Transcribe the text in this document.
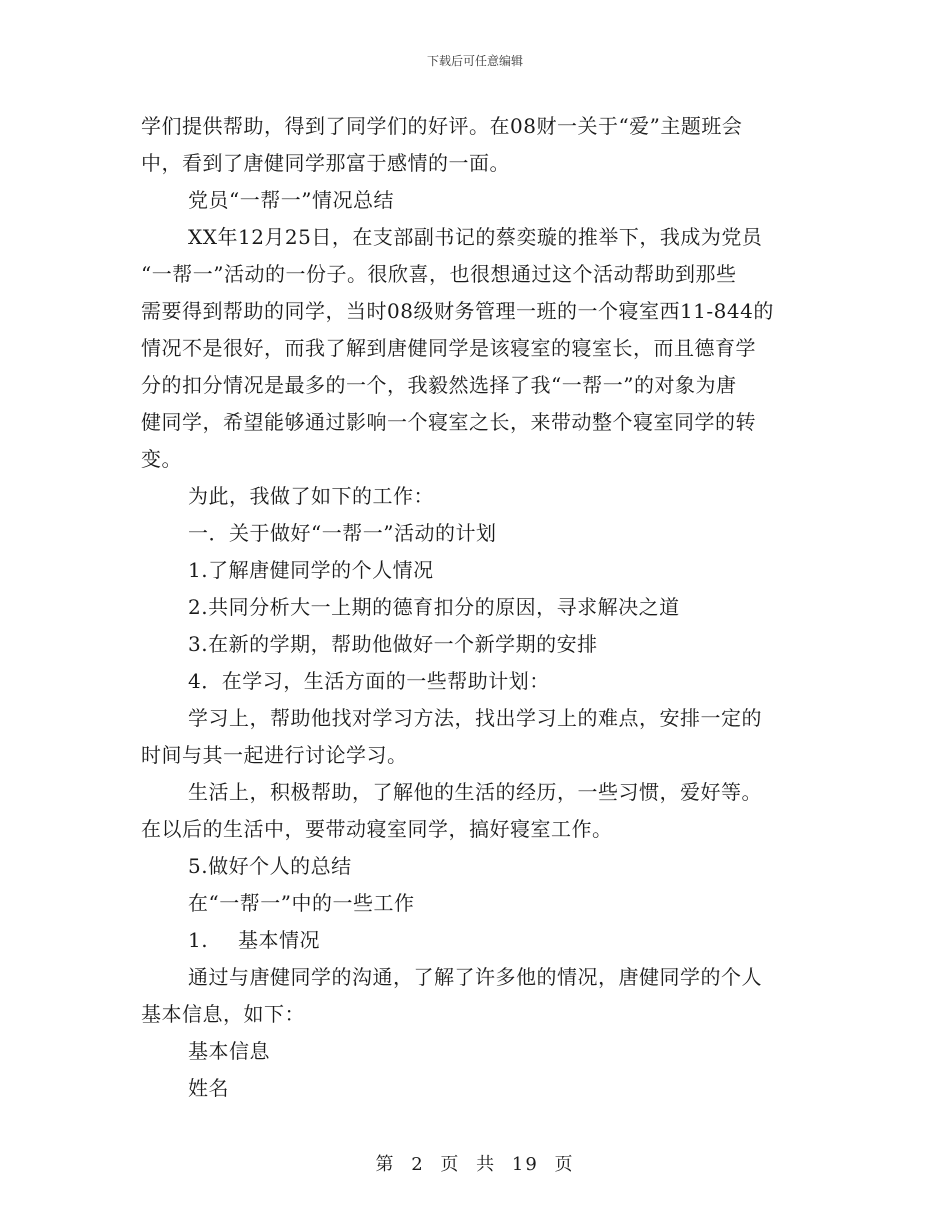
下载后可任意编辑
学们提供帮助，得到了同学们的好评。在08财一关于“爱”主题班会
中，看到了唐健同学那富于感情的一面。
党员“一帮一”情况总结
XX年12月25日，在支部副书记的蔡奕璇的推举下，我成为党员
“一帮一”活动的一份子。很欣喜，也很想通过这个活动帮助到那些
需要得到帮助的同学，当时08级财务管理一班的一个寝室西11-844的
情况不是很好，而我了解到唐健同学是该寝室的寝室长，而且德育学
分的扣分情况是最多的一个，我毅然选择了我“一帮一”的对象为唐
健同学，希望能够通过影响一个寝室之长，来带动整个寝室同学的转
变。
为此，我做了如下的工作：
一．关于做好“一帮一”活动的计划
1.了解唐健同学的个人情况
2.共同分析大一上期的德育扣分的原因，寻求解决之道
3.在新的学期，帮助他做好一个新学期的安排
4．在学习，生活方面的一些帮助计划：
学习上，帮助他找对学习方法，找出学习上的难点，安排一定的
时间与其一起进行讨论学习。
生活上，积极帮助，了解他的生活的经历，一些习惯，爱好等。
在以后的生活中，要带动寝室同学，搞好寝室工作。
5.做好个人的总结
在“一帮一”中的一些工作
1. 基本情况
通过与唐健同学的沟通，了解了许多他的情况，唐健同学的个人
基本信息，如下：
基本信息
姓名
第 2 页 共 19 页
